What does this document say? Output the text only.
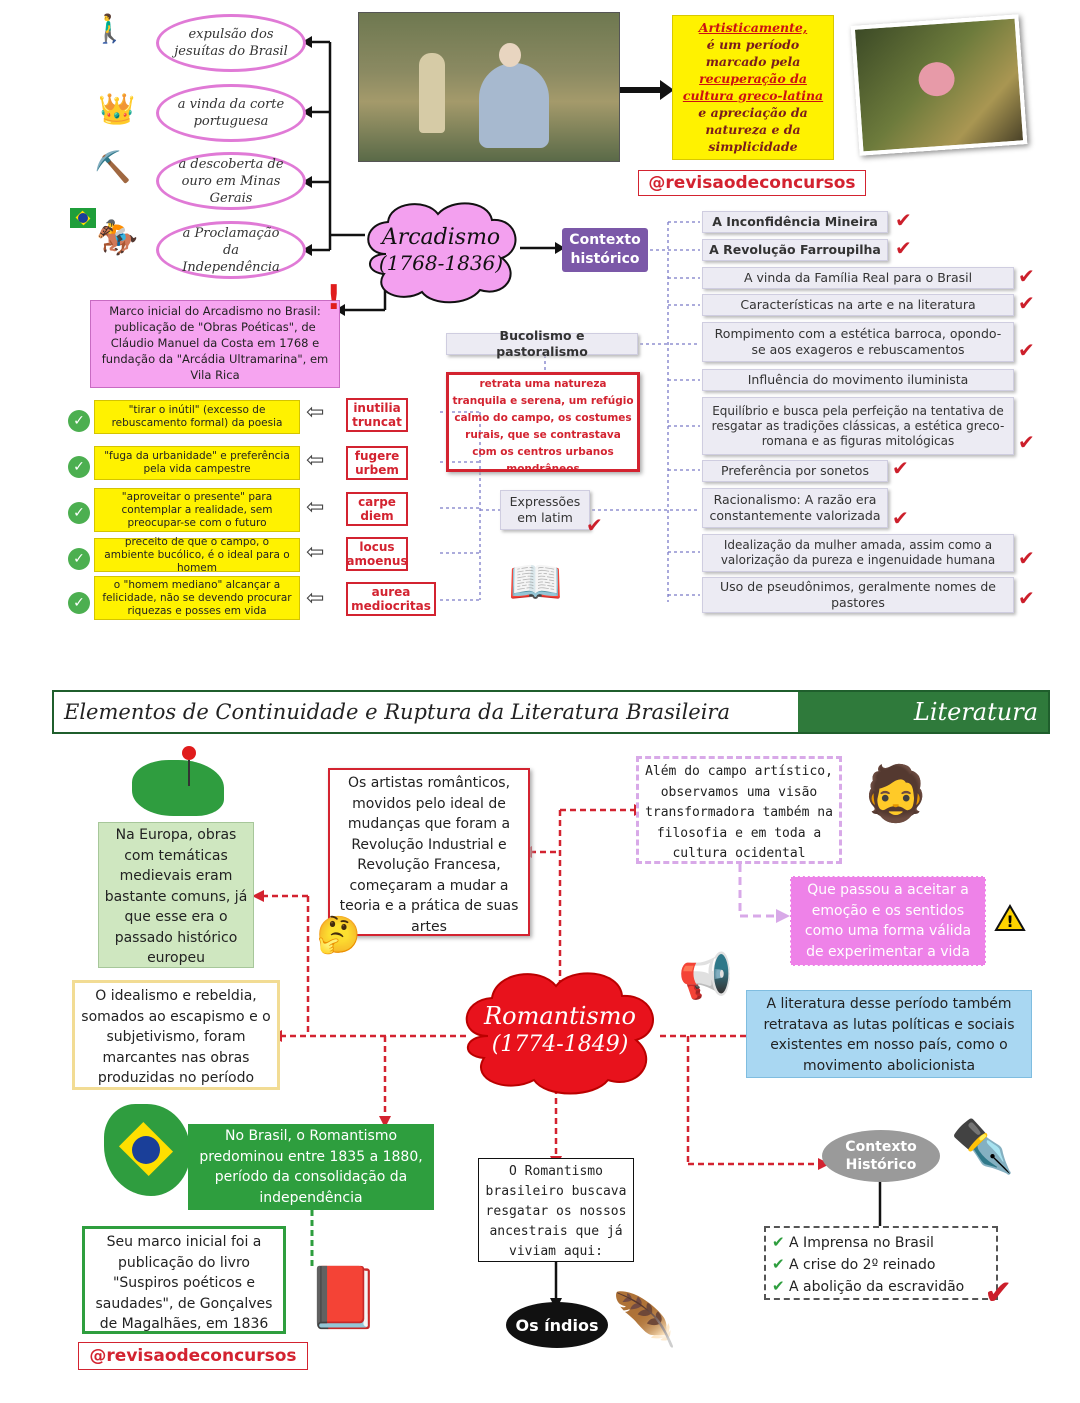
🚶‍♂️
👑
⛏️
🏇
expulsão dos jesuítas do Brasil
a vinda da corte portuguesa
a descoberta de ouro em Minas Gerais
a Proclamação da Independência
Artisticamente,
é um período
marcado pela
recuperação da
cultura greco-latina
e apreciação da
natureza e da
simplicidade
@revisaodeconcursos
Arcadismo
(1768-1836)
Contexto histórico
A Inconfidência Mineira ✔
A Revolução Farroupilha ✔
A vinda da Família Real para o Brasil ✔
Características na arte e na literatura ✔
Rompimento com a estética barroca, opondo-se aos exageros e rebuscamentos	✔
Influência do movimento iluminista
Equilíbrio e busca pela perfeição na tentativa de resgatar as tradições clássicas, a estética greco-romana e as figuras mitológicas	✔
Preferência por sonetos ✔
Racionalismo: A razão era constantemente valorizada ✔
Idealização da mulher amada, assim como a valorização da pureza e ingenuidade humana	✔
Uso de pseudônimos, geralmente nomes de pastores	✔
Marco inicial do Arcadismo no Brasil: publicação de "Obras Poéticas", de Cláudio Manuel da Costa em 1768 e fundação da "Arcádia Ultramarina", em Vila Rica
!
Bucolismo e pastoralismo
retrata uma natureza tranquila e serena, um refúgio calmo do campo, os costumes rurais, que se contrastava com os centros urbanos mondrâneos
Expressões em latim ✔
📖
inutilia truncat
fugere urbem
carpe diem
locus amoenus
aurea mediocritas
⇦
⇦
⇦
⇦
⇦
"tirar o inútil" (excesso de rebuscamento formal) da poesia
"fuga da urbanidade" e preferência pela vida campestre
"aproveitar o presente" para contemplar a realidade, sem preocupar-se com o futuro
preceito de que o campo, o ambiente bucólico, é o ideal para o homem
o "homem mediano" alcançar a felicidade, não se devendo procurar riquezas e posses em vida
✓
✓
✓
✓
✓
Elementos de Continuidade e Ruptura da Literatura Brasileira	Literatura
Na Europa, obras com temáticas medievais eram bastante comuns, já que esse era o passado histórico europeu
Os artistas românticos, movidos pelo ideal de mudanças que foram a Revolução Industrial e Revolução Francesa, começaram a mudar a teoria e a prática de suas artes
🤔
Além do campo artístico, observamos uma visão transformadora também na filosofia e em toda a cultura ocidental
🧔
Que passou a aceitar a emoção e os sentidos como uma forma válida de experimentar a vida
!
O idealismo e rebeldia, somados ao escapismo e o subjetivismo, foram marcantes nas obras produzidas no período
Romantismo
(1774-1849)
📢
A literatura desse período também retratava as lutas políticas e sociais existentes em nosso país, como o movimento abolicionista
No Brasil, o Romantismo predominou entre 1835 a 1880, período da consolidação da independência
O Romantismo brasileiro buscava resgatar os nossos ancestrais que já viviam aqui:
Os índios 🪶
Contexto Histórico ✒️
✔ A Imprensa no Brasil
✔ A crise do 2º reinado
✔ A abolição da escravidão ✔
Seu marco inicial foi a publicação do livro "Suspiros poéticos e saudades", de Gonçalves de Magalhães, em 1836 📕
@revisaodeconcursos
